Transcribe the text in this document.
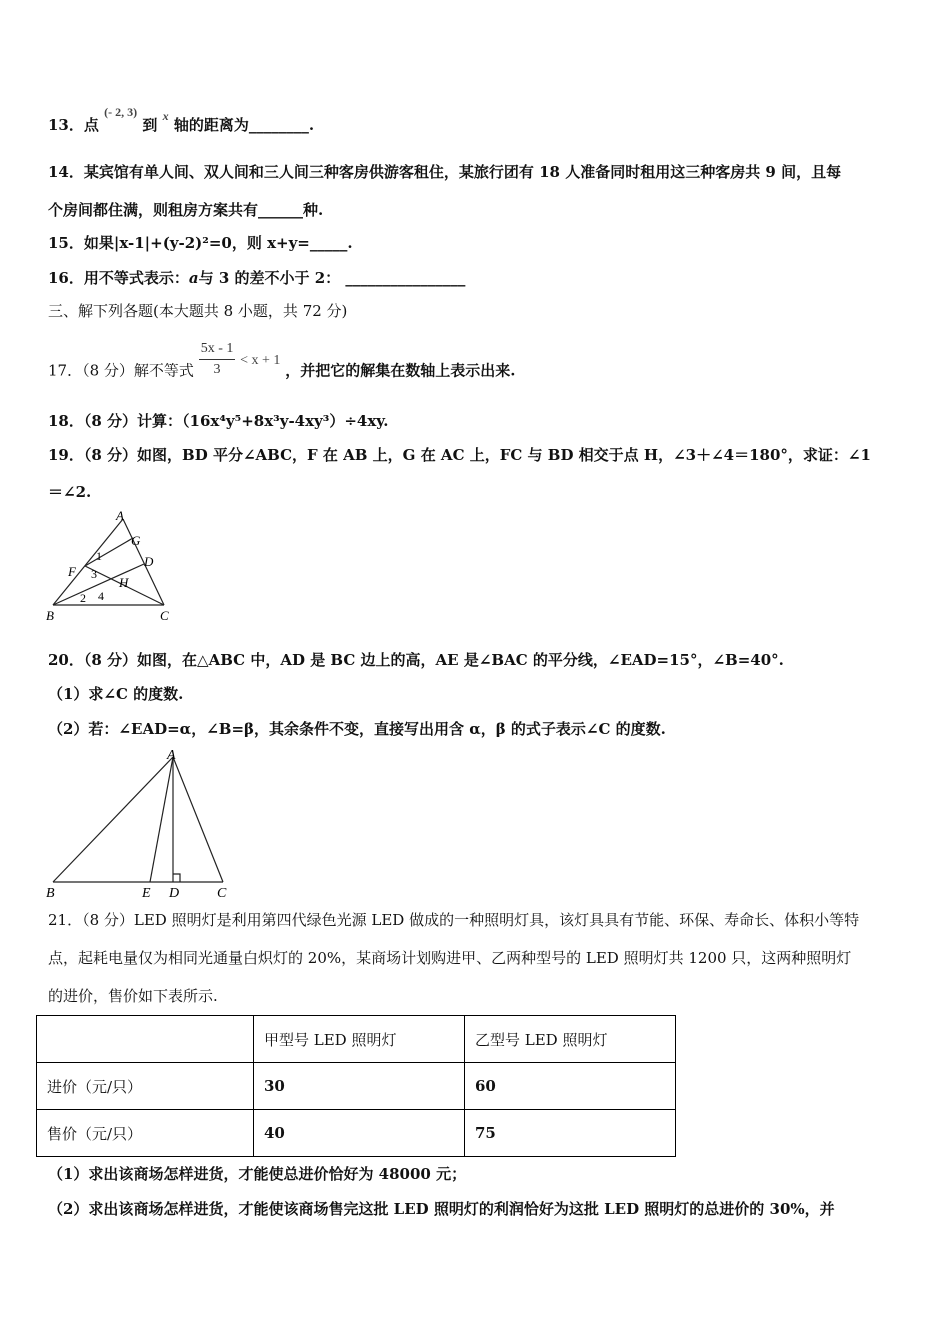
13．点 $^{(- 2, 3)}$ 到 $^x$ 轴的距离为________.
14．某宾馆有单人间、双人间和三人间三种客房供游客租住，某旅行团有 18 人准备同时租用这三种客房共 9 间，且每
个房间都住满，则租房方案共有______种.
15．如果|x-1|+(y-2)²=0，则 x+y=_____.
16．用不等式表示：a与 3 的差不小于 2： ________________
三、解下列各题(本大题共 8 小题，共 72 分)
17．（8 分）解不等式 $\frac{5x - 1}{3} < x + 1$ ，并把它的解集在数轴上表示出来.
18．（8 分）计算：（16x⁴y⁵+8x³y-4xy³）÷4xy.
19．（8 分）如图，BD 平分∠ABC，F 在 AB 上，G 在 AC 上，FC 与 BD 相交于点 H，∠3＋∠4＝180°，求证：∠1
＝∠2.
A
G
D
F
H
B	C
1
2
3
4
20．（8 分）如图，在△ABC 中，AD 是 BC 边上的高，AE 是∠BAC 的平分线，∠EAD=15°，∠B=40°.
（1）求∠C 的度数.
（2）若：∠EAD=α，∠B=β，其余条件不变，直接写出用含 α，β 的式子表示∠C 的度数.
A
B	E D	C
21．（8 分）LED 照明灯是利用第四代绿色光源 LED 做成的一种照明灯具，该灯具具有节能、环保、寿命长、体积小等特
点，起耗电量仅为相同光通量白炽灯的 20%，某商场计划购进甲、乙两种型号的 LED 照明灯共 1200 只，这两种照明灯
的进价，售价如下表所示.
	甲型号 LED 照明灯	乙型号 LED 照明灯
进价（元/只）	30	60
售价（元/只）	40	75
（1）求出该商场怎样进货，才能使总进价恰好为 48000 元；
（2）求出该商场怎样进货，才能使该商场售完这批 LED 照明灯的利润恰好为这批 LED 照明灯的总进价的 30%，并
